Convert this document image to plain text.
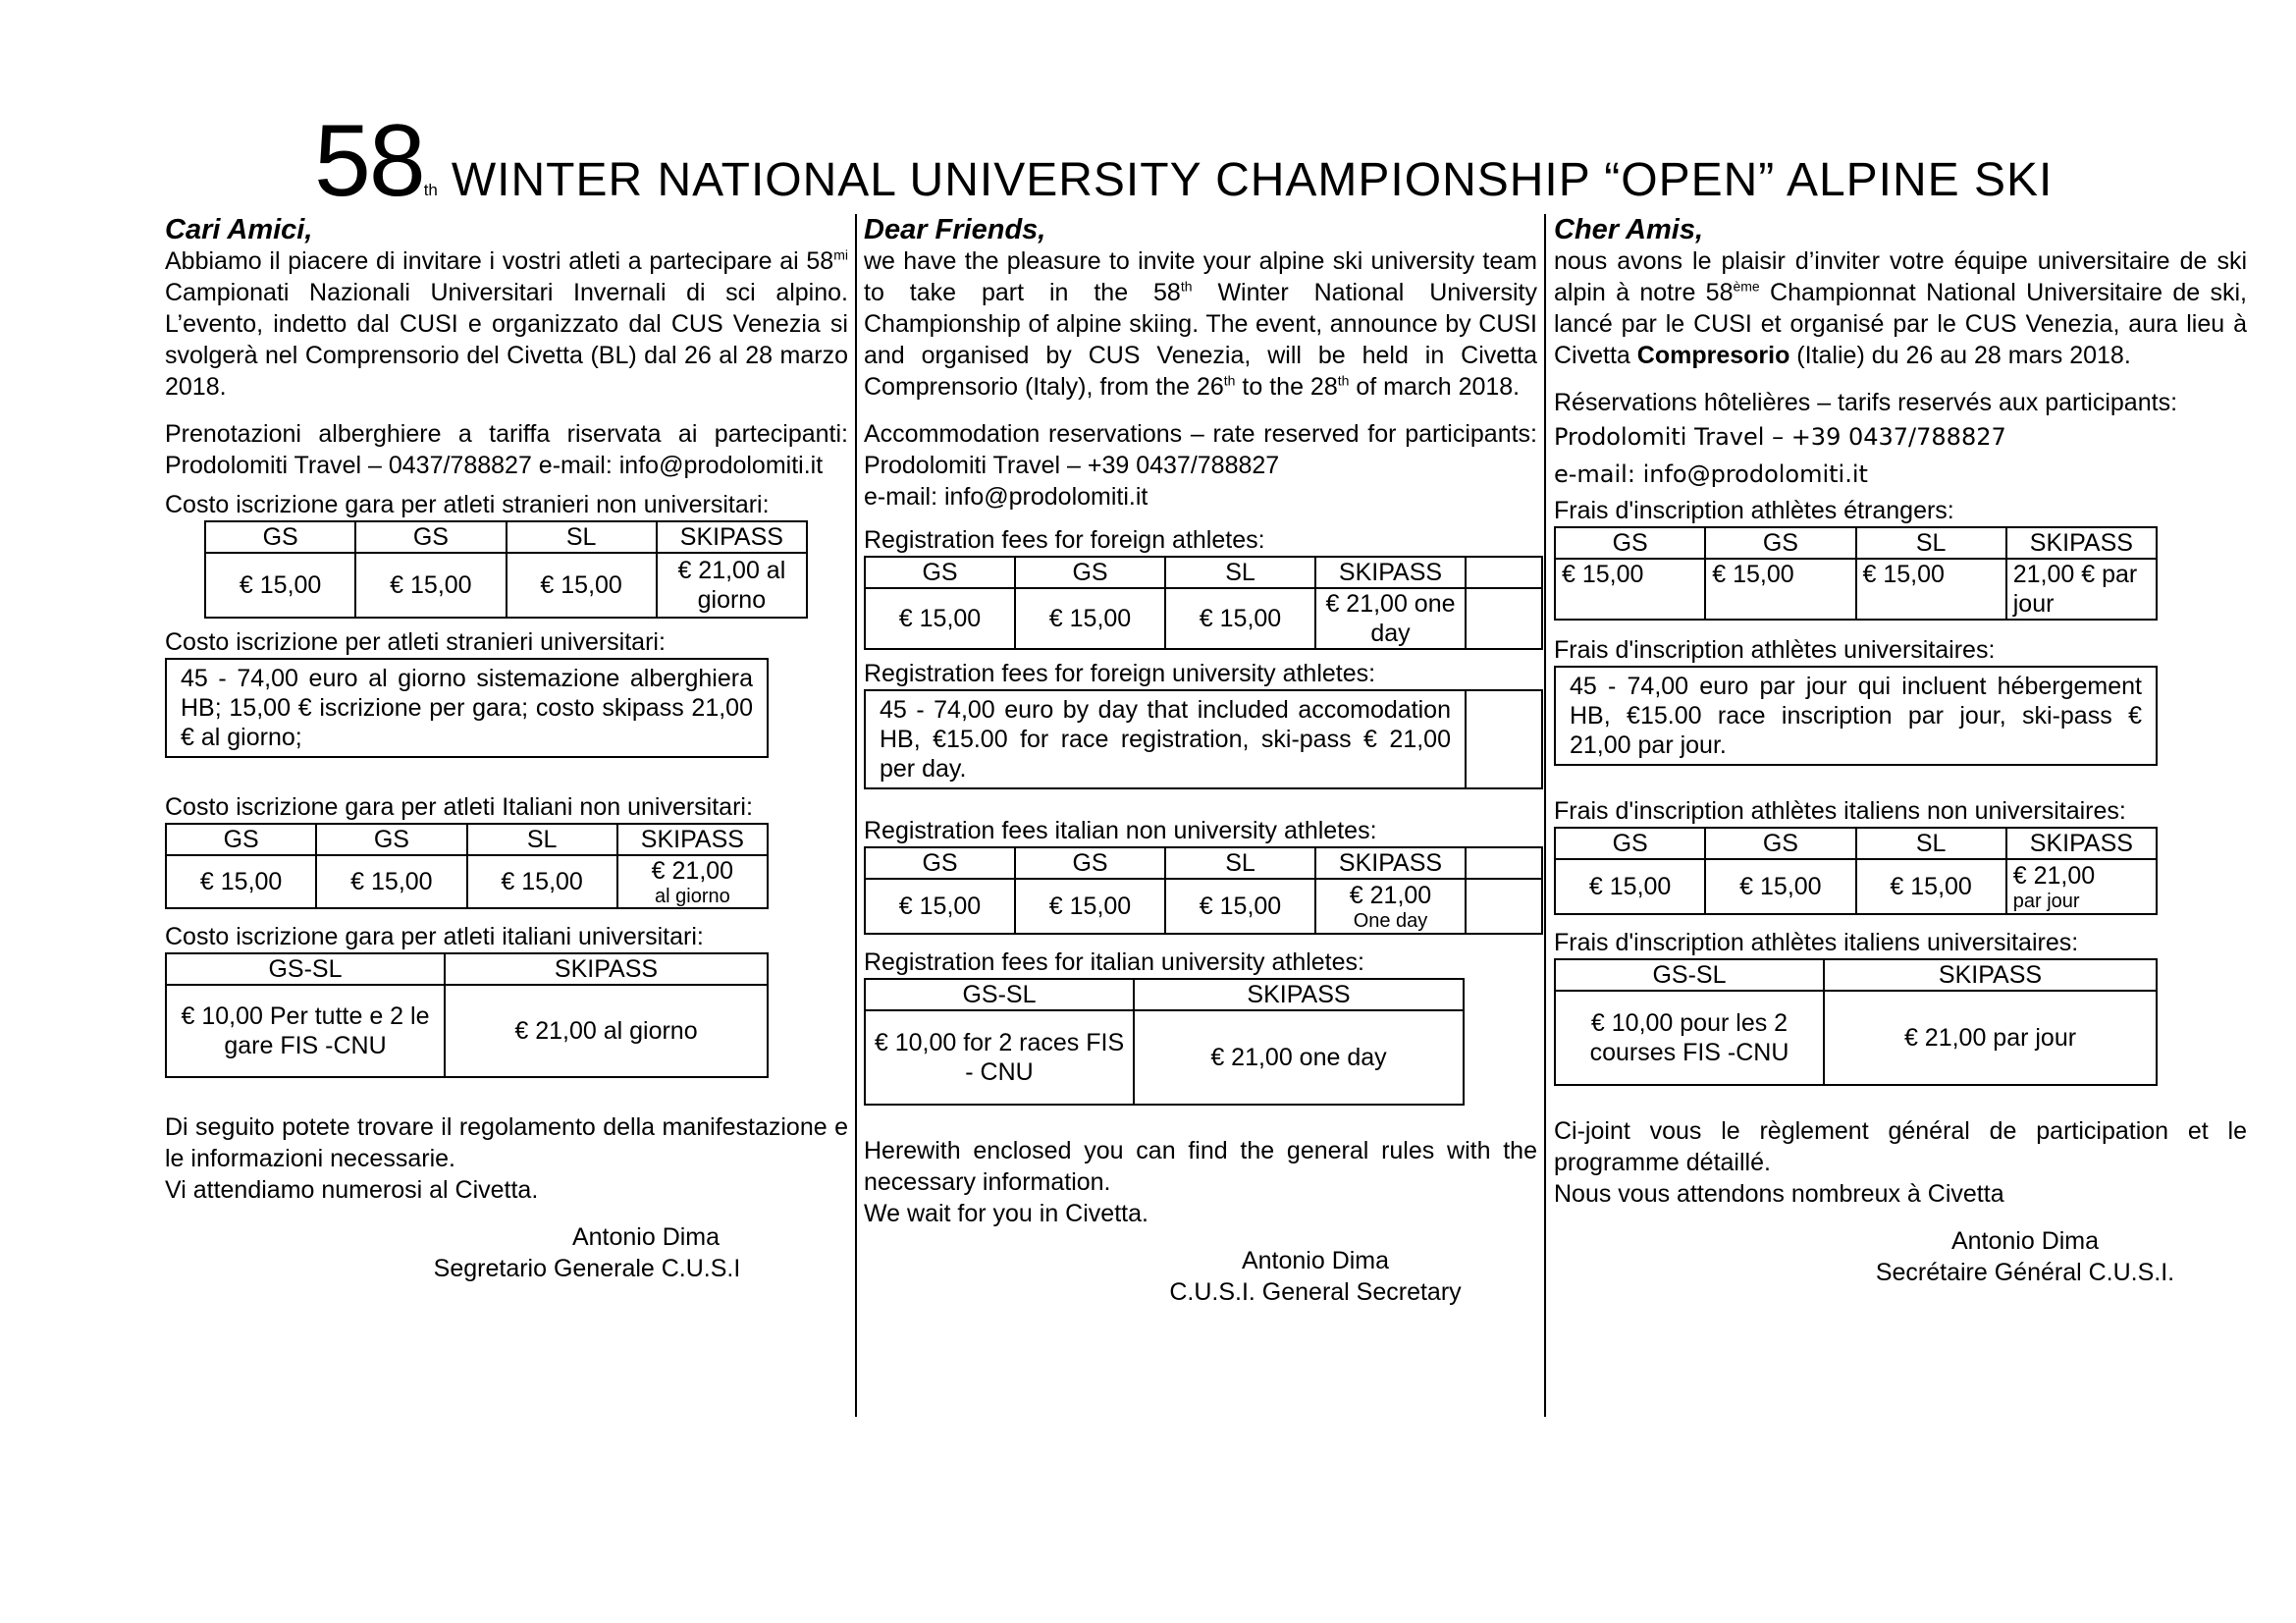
58th WINTER NATIONAL UNIVERSITY CHAMPIONSHIP “OPEN” ALPINE SKI
Cari Amici,

Abbiamo il piacere di invitare i vostri atleti a partecipare ai $58^{mi}$ Campionati Nazionali Universitari Invernali di sci alpino. L’evento, indetto dal CUSI e organizzato dal CUS Venezia si svolgerà nel Comprensorio del Civetta (BL) dal 26 al 28 marzo 2018.

Prenotazioni alberghiere a tariffa riservata ai partecipanti: Prodolomiti Travel – 0437/788827 e-mail: info@prodolomiti.it

Costo iscrizione gara per atleti stranieri non universitari:
GS	GS	SL	SKIPASS
€ 15,00	€ 15,00	€ 15,00	€ 21,00 al giorno
Costo iscrizione per atleti stranieri universitari:
45 - 74,00 euro al giorno sistemazione alberghiera HB; 15,00 € iscrizione per gara; costo skipass 21,00 € al giorno;
Costo iscrizione gara per atleti Italiani non universitari:
GS	GS	SL	SKIPASS
€ 15,00	€ 15,00	€ 15,00	€ 21,00
al giorno
Costo iscrizione gara per atleti italiani universitari:
GS-SL	SKIPASS
€ 10,00 Per tutte e 2 le gare FIS -CNU	€ 21,00 al giorno

Di seguito potete trovare il regolamento della manifestazione e le informazioni necessarie.

Vi attendiamo numerosi al Civetta.

Antonio Dima

Segretario Generale C.U.S.I

Dear Friends,

we have the pleasure to invite your alpine ski university team to take part in the 58th Winter National University Championship of alpine skiing. The event, announce by CUSI and organised by CUS Venezia, will be held in Civetta Comprensorio (Italy), from the 26th to the 28th of march 2018.

Accommodation reservations – rate reserved for participants: Prodolomiti Travel – +39 0437/788827

e-mail: info@prodolomiti.it

Registration fees for foreign athletes:
GS	GS	SL	SKIPASS	
€ 15,00	€ 15,00	€ 15,00	€ 21,00 one day	
Registration fees for foreign university athletes:
45 - 74,00 euro by day that included accomodation HB, €15.00 for race registration, ski-pass € 21,00 per day.	
Registration fees italian non university athletes:
GS	GS	SL	SKIPASS	
€ 15,00	€ 15,00	€ 15,00	€ 21,00
One day	

Registration fees for italian university athletes:
GS-SL	SKIPASS
€ 10,00 for 2 races FIS - CNU	€ 21,00 one day

Herewith enclosed you can find the general rules with the necessary information.

We wait for you in Civetta.

Antonio Dima

C.U.S.I. General Secretary

Cher Amis,

nous avons le plaisir d’inviter votre équipe universitaire de ski alpin à notre 58ème Championnat National Universitaire de ski, lancé par le CUSI et organisé par le CUS Venezia, aura lieu à Civetta Compresorio (Italie) du 26 au 28 mars 2018.

Réservations hôtelières – tarifs reservés aux participants:

Prodolomiti Travel – +39 0437/788827

e-mail: info@prodolomiti.it

Frais d'inscription athlètes étrangers:
GS	GS	SL	SKIPASS
€ 15,00	€ 15,00	€ 15,00	21,00 € par jour
Frais d'inscription athlètes universitaires:
45 - 74,00 euro par jour qui incluent hébergement HB, €15.00 race inscription par jour, ski-pass € 21,00 par jour.
Frais d'inscription athlètes italiens non universitaires:
GS	GS	SL	SKIPASS
€ 15,00	€ 15,00	€ 15,00	€ 21,00
par jour
Frais d'inscription athlètes italiens universitaires:
GS-SL	SKIPASS
€ 10,00 pour les 2 courses FIS -CNU	€ 21,00 par jour

Ci-joint vous le règlement général de participation et le programme détaillé.

Nous vous attendons nombreux à Civetta

Antonio Dima

Secrétaire Général C.U.S.I.
